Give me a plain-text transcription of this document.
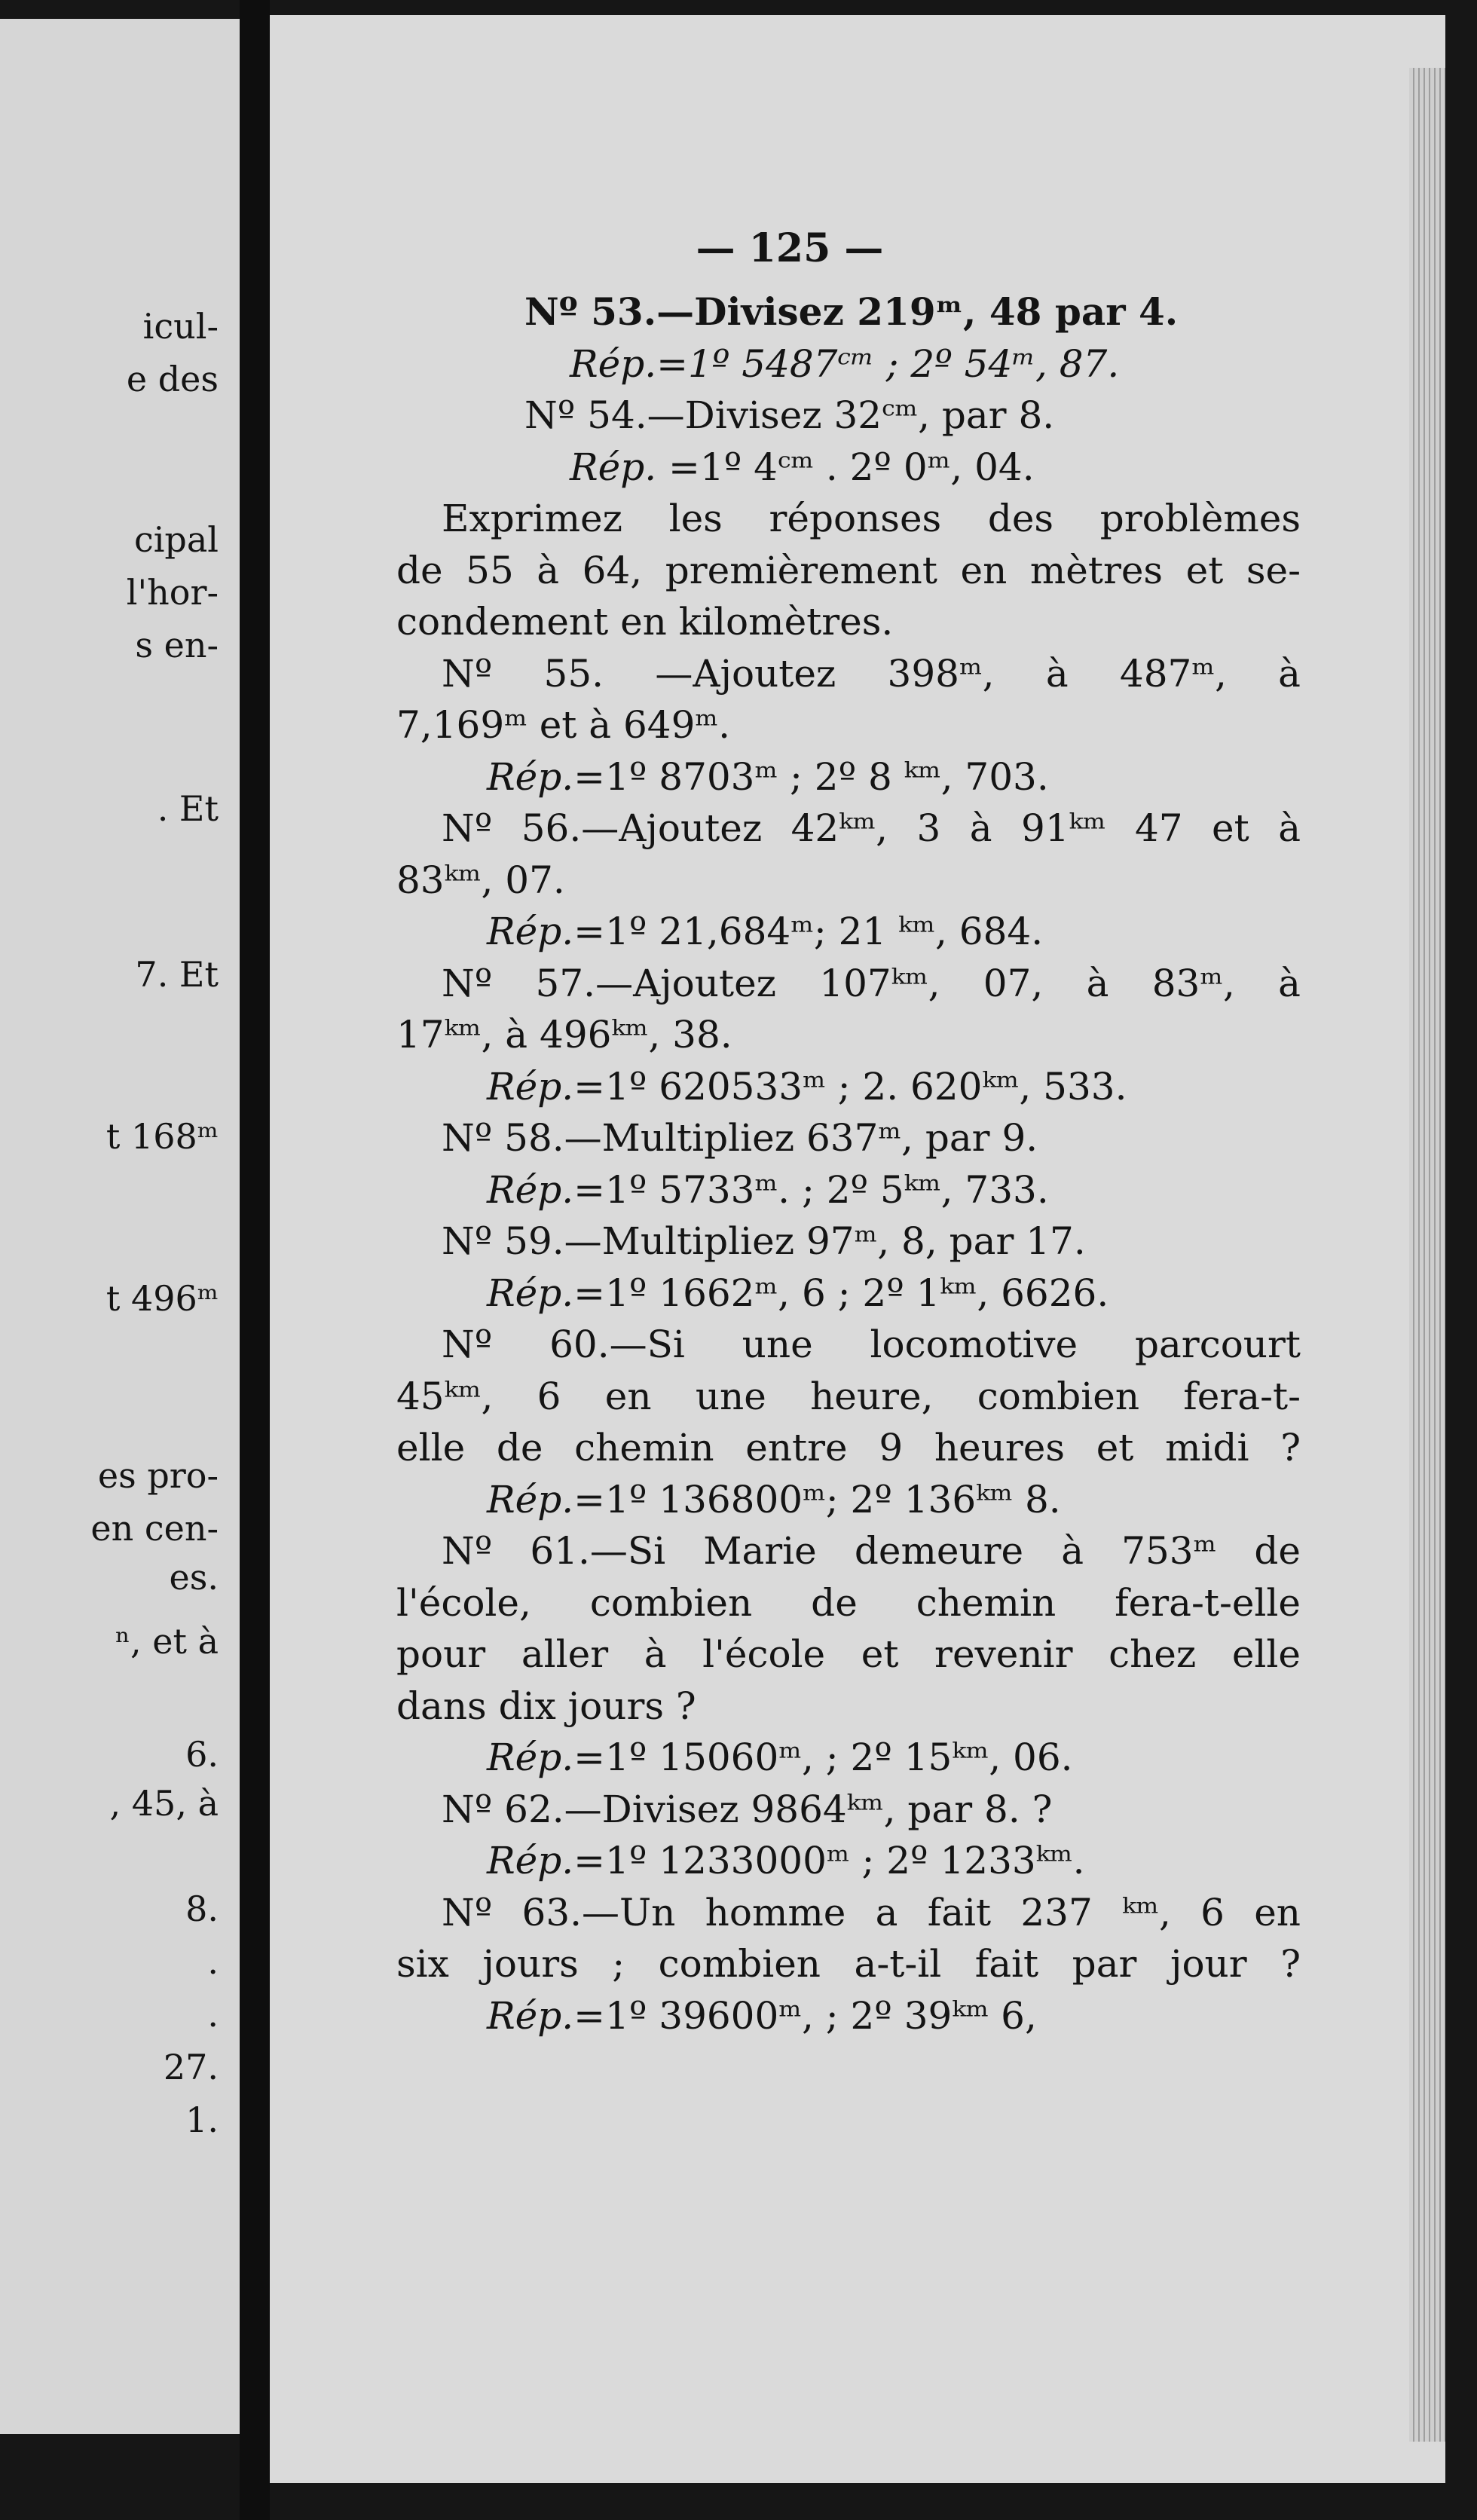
icul-
e des
cipal
l'hor-
s en-
. Et
7. Et
t 168ᵐ
t 496ᵐ
es pro-
en cen-
es.
ⁿ, et à
6.
, 45, à
8.
.
.
27.
1.
— 125 —
Nº 53.—Divisez 219ᵐ, 48 par 4.
Rép.=1º 5487ᶜᵐ ; 2º 54ᵐ, 87.
Nº 54.—Divisez 32ᶜᵐ, par 8.
Rép. =1º 4ᶜᵐ . 2º 0ᵐ, 04.
Exprimez les réponses des problèmes
de 55 à 64, premièrement en mètres et se-
condement en kilomètres.
Nº 55. —Ajoutez 398ᵐ, à 487ᵐ, à
7,169ᵐ et à 649ᵐ.
Rép.=1º 8703ᵐ ; 2º 8 ᵏᵐ, 703.
Nº 56.—Ajoutez 42ᵏᵐ, 3 à 91ᵏᵐ 47 et à
83ᵏᵐ, 07.
Rép.=1º 21,684ᵐ; 21 ᵏᵐ, 684.
Nº 57.—Ajoutez 107ᵏᵐ, 07, à 83ᵐ, à
17ᵏᵐ, à 496ᵏᵐ, 38.
Rép.=1º 620533ᵐ ; 2. 620ᵏᵐ, 533.
Nº 58.—Multipliez 637ᵐ, par 9.
Rép.=1º 5733ᵐ. ; 2º 5ᵏᵐ, 733.
Nº 59.—Multipliez 97ᵐ, 8, par 17.
Rép.=1º 1662ᵐ, 6 ; 2º 1ᵏᵐ, 6626.
Nº 60.—Si une locomotive parcourt
45ᵏᵐ, 6 en une heure, combien fera-t-
elle de chemin entre 9 heures et midi ?
Rép.=1º 136800ᵐ; 2º 136ᵏᵐ 8.
Nº 61.—Si Marie demeure à 753ᵐ de
l'école, combien de chemin fera-t-elle
pour aller à l'école et revenir chez elle
dans dix jours ?
Rép.=1º 15060ᵐ, ; 2º 15ᵏᵐ, 06.
Nº 62.—Divisez 9864ᵏᵐ, par 8. ?
Rép.=1º 1233000ᵐ ; 2º 1233ᵏᵐ.
Nº 63.—Un homme a fait 237 ᵏᵐ, 6 en
six jours ; combien a-t-il fait par jour ?
Rép.=1º 39600ᵐ, ; 2º 39ᵏᵐ 6,
